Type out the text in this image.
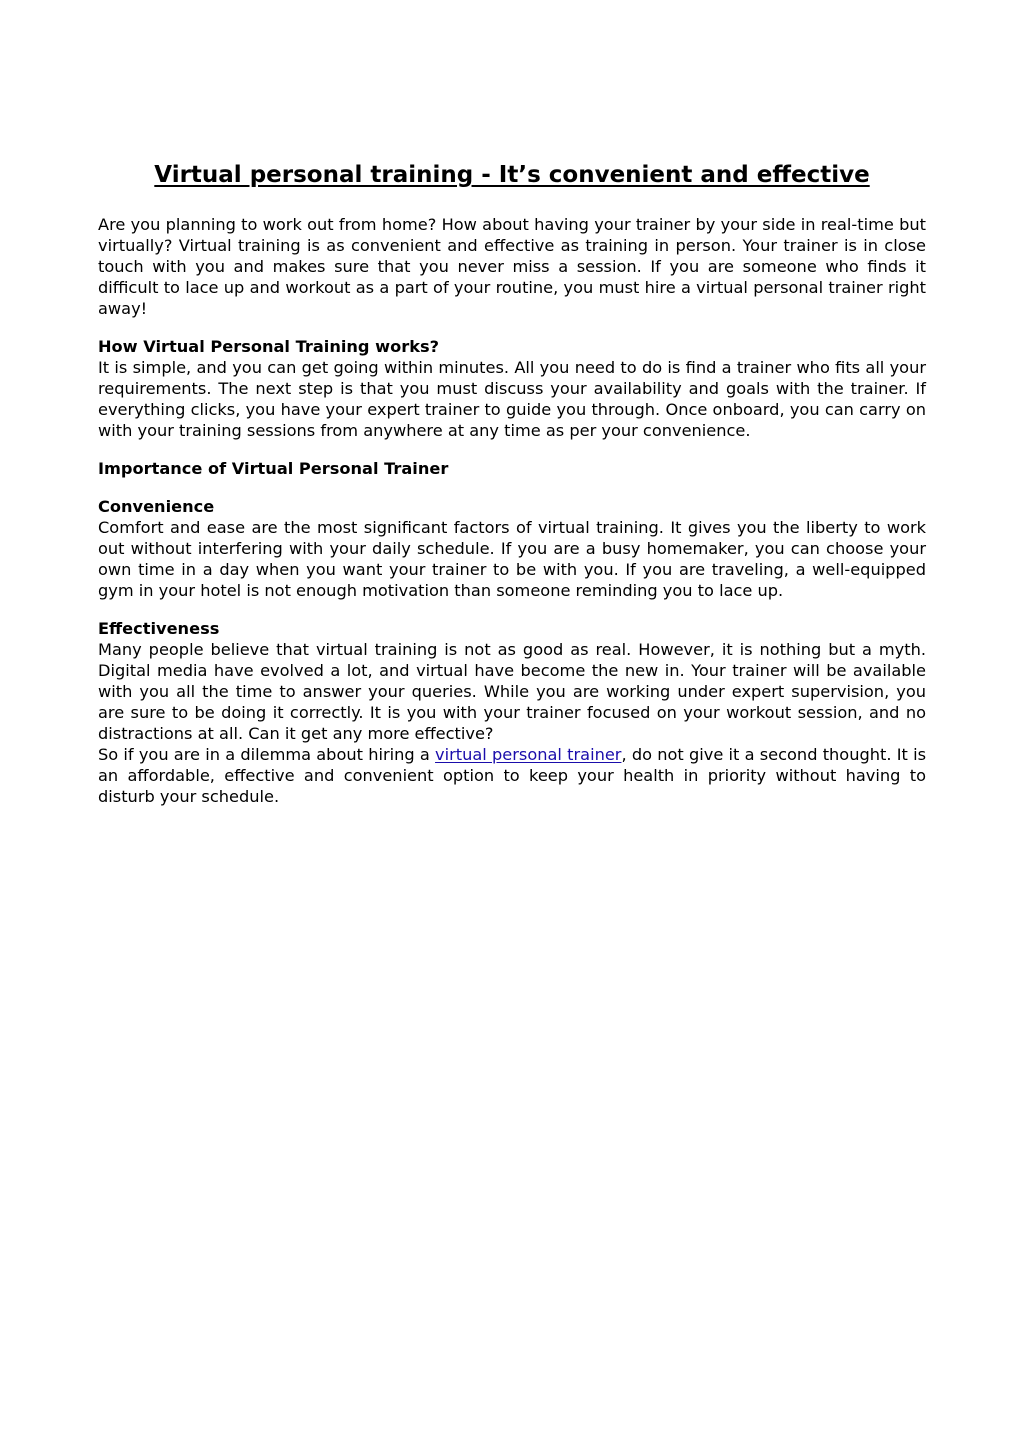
Virtual personal training - It’s convenient and effective

Are you planning to work out from home? How about having your trainer by your side in real-time but virtually? Virtual training is as convenient and effective as training in person. Your trainer is in close touch with you and makes sure that you never miss a session. If you are someone who finds it difficult to lace up and workout as a part of your routine, you must hire a virtual personal trainer right away!

How Virtual Personal Training works?

It is simple, and you can get going within minutes. All you need to do is find a trainer who fits all your requirements. The next step is that you must discuss your availability and goals with the trainer. If everything clicks, you have your expert trainer to guide you through. Once onboard, you can carry on with your training sessions from anywhere at any time as per your convenience.

Importance of Virtual Personal Trainer
Convenience

Comfort and ease are the most significant factors of virtual training. It gives you the liberty to work out without interfering with your daily schedule. If you are a busy homemaker, you can choose your own time in a day when you want your trainer to be with you. If you are traveling, a well-equipped gym in your hotel is not enough motivation than someone reminding you to lace up.

Effectiveness

Many people believe that virtual training is not as good as real. However, it is nothing but a myth. Digital media have evolved a lot, and virtual have become the new in. Your trainer will be available with you all the time to answer your queries. While you are working under expert supervision, you are sure to be doing it correctly. It is you with your trainer focused on your workout session, and no distractions at all. Can it get any more effective?

So if you are in a dilemma about hiring a virtual personal trainer, do not give it a second thought. It is an affordable, effective and convenient option to keep your health in priority without having to disturb your schedule.
